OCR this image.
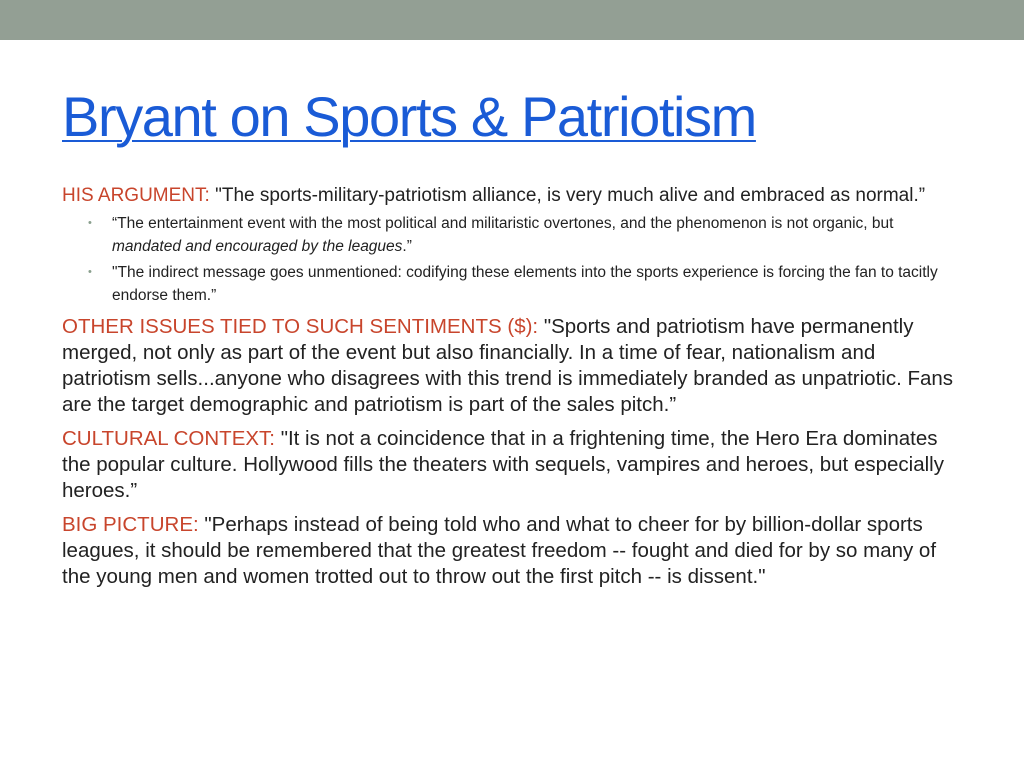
Bryant on Sports & Patriotism

HIS ARGUMENT: "The sports-military-patriotism alliance, is very much alive and embraced as normal.”

• “The entertainment event with the most political and militaristic overtones, and the phenomenon is not organic, but mandated and encouraged by the leagues.”
• "The indirect message goes unmentioned: codifying these elements into the sports experience is forcing the fan to tacitly endorse them.”

OTHER ISSUES TIED TO SUCH SENTIMENTS ($): "Sports and patriotism have permanently merged, not only as part of the event but also financially. In a time of fear, nationalism and patriotism sells...anyone who disagrees with this trend is immediately branded as unpatriotic. Fans are the target demographic and patriotism is part of the sales pitch.”

CULTURAL CONTEXT: "It is not a coincidence that in a frightening time, the Hero Era dominates the popular culture. Hollywood fills the theaters with sequels, vampires and heroes, but especially heroes.”

BIG PICTURE: "Perhaps instead of being told who and what to cheer for by billion-dollar sports leagues, it should be remembered that the greatest freedom -- fought and died for by so many of the young men and women trotted out to throw out the first pitch -- is dissent."
